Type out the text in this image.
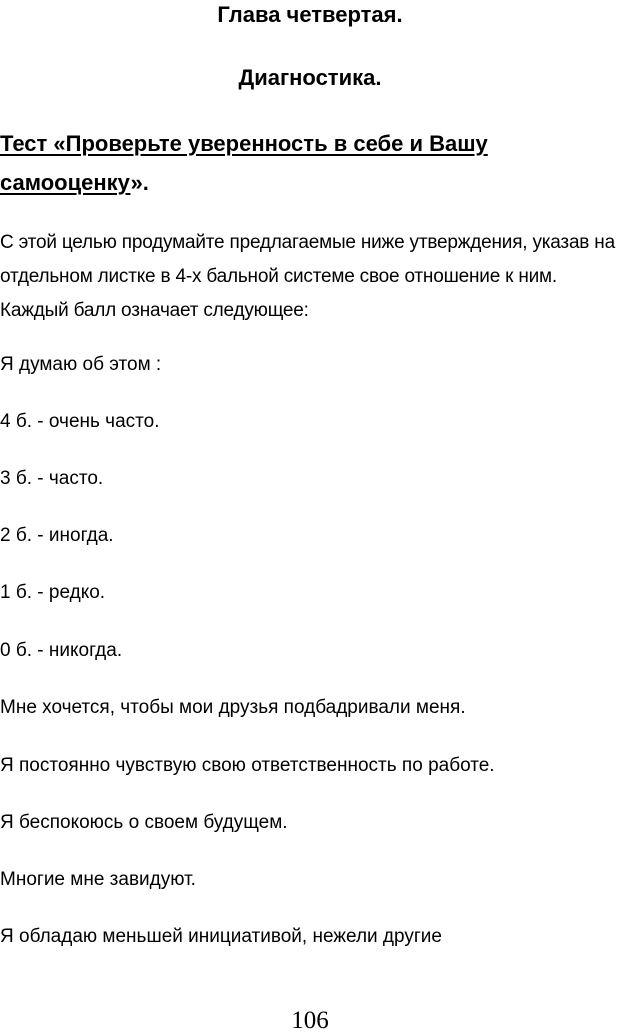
Глава четвертая.
Диагностика.
Тест «Проверьте уверенность в себе и Вашу самооценку».
С этой целью продумайте предлагаемые ниже утверждения, указав на отдельном листке в 4-х бальной системе свое отношение к ним. Каждый балл означает следующее:
Я думаю об этом :
4 б. - очень часто.
3 б. - часто.
2 б. - иногда.
1 б. - редко.
0 б. - никогда.
Мне хочется, чтобы мои друзья подбадривали меня.
Я постоянно чувствую свою ответственность по работе.
Я беспокоюсь о своем будущем.
Многие мне завидуют.
Я обладаю меньшей инициативой, нежели другие
106
